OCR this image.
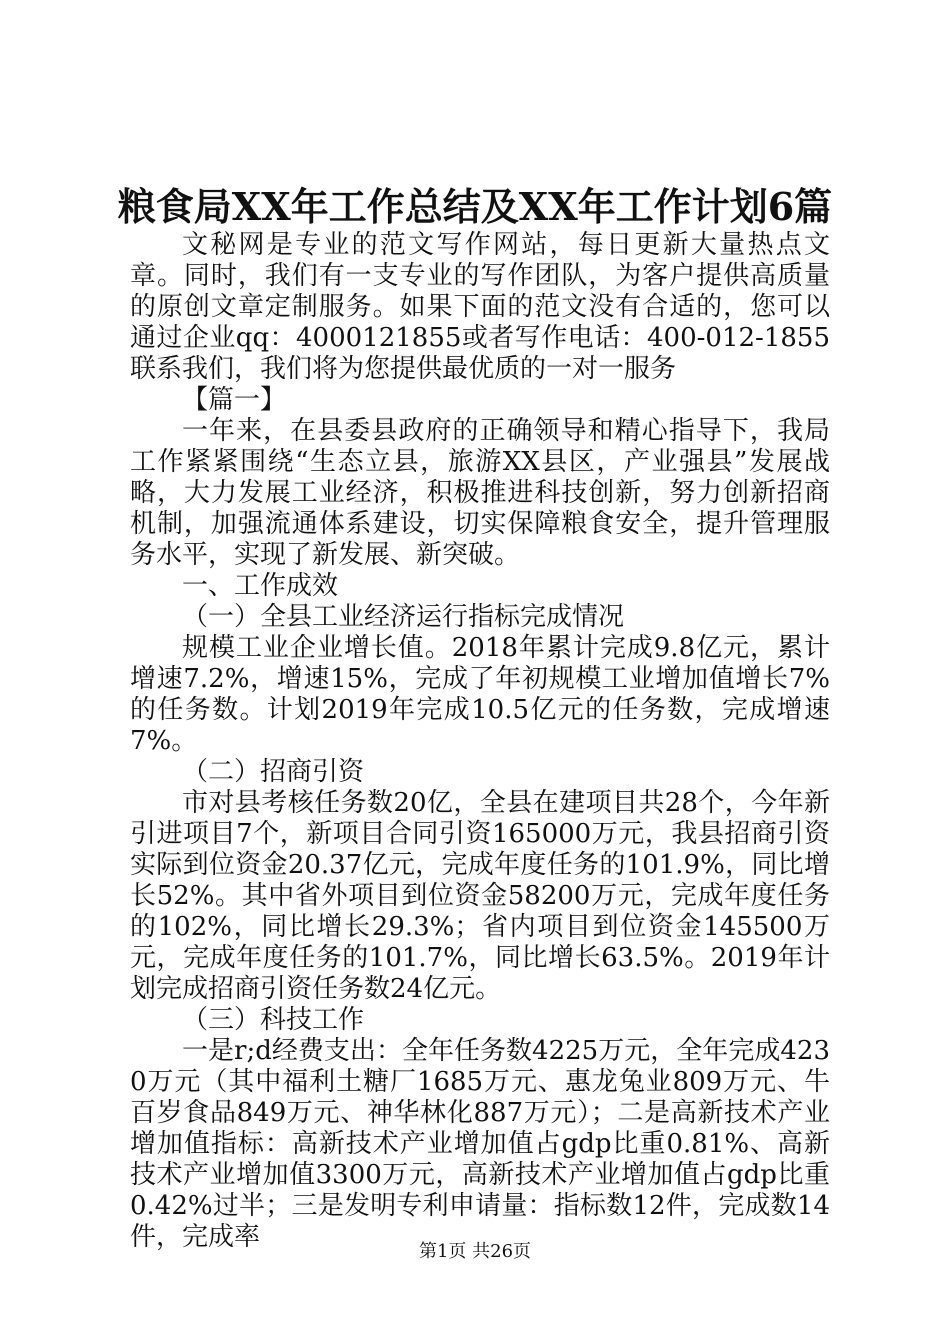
粮食局XX年工作总结及XX年工作计划6篇

文秘网是专业的范文写作网站，每日更新大量热点文章。同时，我们有一支专业的写作团队，为客户提供高质量的原创文章定制服务。如果下面的范文没有合适的，您可以通过企业qq：4000121855或者写作电话：400-012-1855联系我们，我们将为您提供最优质的一对一服务

【篇一】

一年来，在县委县政府的正确领导和精心指导下，我局工作紧紧围绕“生态立县，旅游XX县区，产业强县”发展战略，大力发展工业经济，积极推进科技创新，努力创新招商机制，加强流通体系建设，切实保障粮食安全，提升管理服务水平，实现了新发展、新突破。

一、工作成效

（一）全县工业经济运行指标完成情况

规模工业企业增长值。2018年累计完成9.8亿元，累计增速7.2%，增速15%，完成了年初规模工业增加值增长7%的任务数。计划2019年完成10.5亿元的任务数，完成增速7%。

（二）招商引资

市对县考核任务数20亿，全县在建项目共28个，今年新引进项目7个，新项目合同引资165000万元，我县招商引资实际到位资金20.37亿元，完成年度任务的101.9%，同比增长52%。其中省外项目到位资金58200万元，完成年度任务的102%，同比增长29.3%；省内项目到位资金145500万元，完成年度任务的101.7%，同比增长63.5%。2019年计划完成招商引资任务数24亿元。

（三）科技工作

一是r;d经费支出：全年任务数4225万元，全年完成4230万元（其中福利土糖厂1685万元、惠龙兔业809万元、牛百岁食品849万元、神华林化887万元）；二是高新技术产业增加值指标：高新技术产业增加值占gdp比重0.81%、高新技术产业增加值3300万元，高新技术产业增加值占gdp比重0.42%过半；三是发明专利申请量：指标数12件，完成数14件，完成率	第1页 共26页
